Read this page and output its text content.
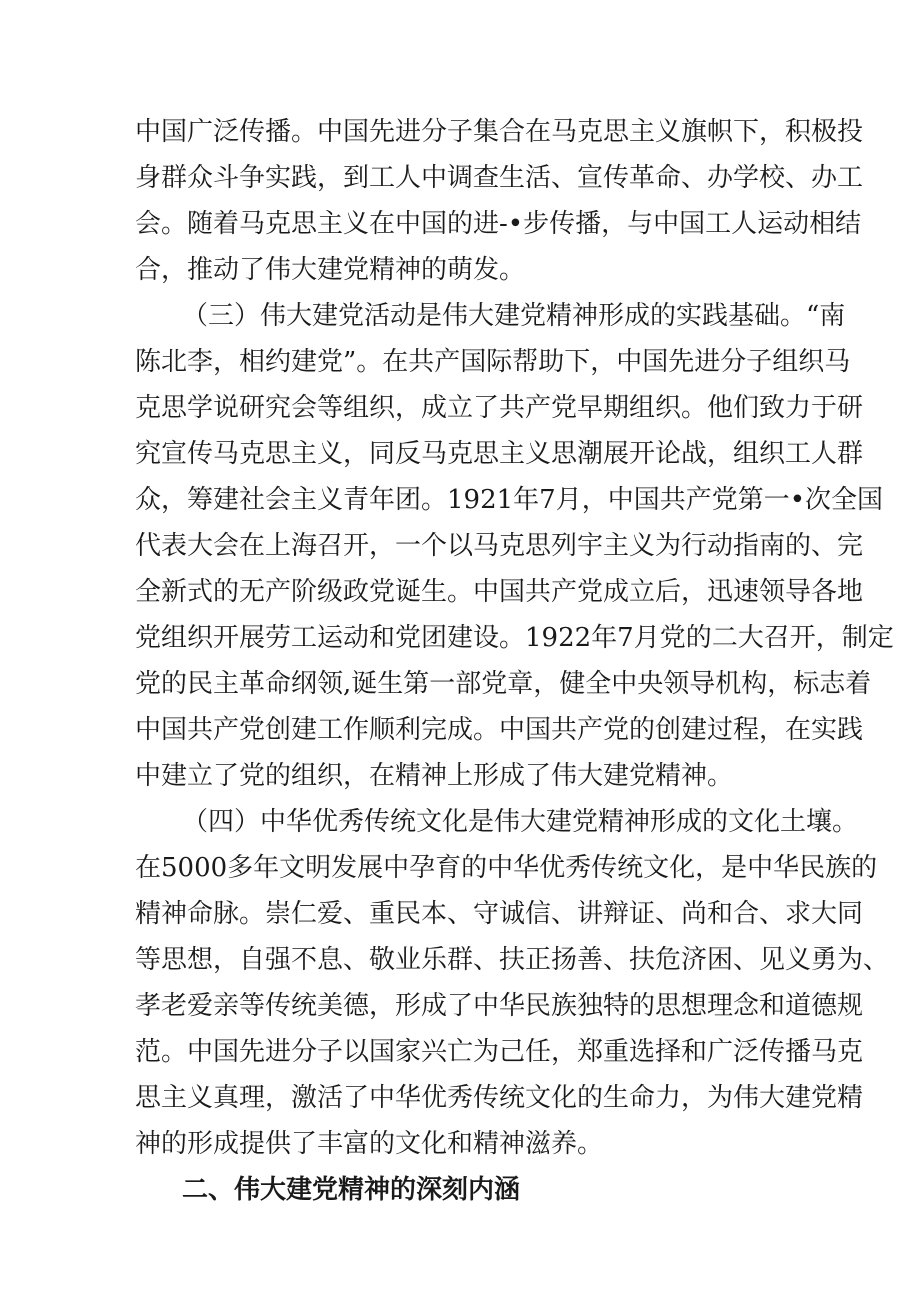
中国广泛传播。中国先进分子集合在马克思主义旗帜下，积极投
身群众斗争实践，到工人中调查生活、宣传革命、办学校、办工
会。随着马克思主义在中国的进-•步传播，与中国工人运动相结
合，推动了伟大建党精神的萌发。
（三）伟大建党活动是伟大建党精神形成的实践基础。“南
陈北李，相约建党”。在共产国际帮助下，中国先进分子组织马
克思学说研究会等组织，成立了共产党早期组织。他们致力于研
究宣传马克思主义，同反马克思主义思潮展开论战，组织工人群
众，筹建社会主义青年团。1921年7月，中国共产党第一•次全国
代表大会在上海召开，一个以马克思列宇主义为行动指南的、完
全新式的无产阶级政党诞生。中国共产党成立后，迅速领导各地
党组织开展劳工运动和党团建设。1922年7月党的二大召开，制定
党的民主革命纲领,诞生第一部党章，健全中央领导机构，标志着
中国共产党创建工作顺利完成。中国共产党的创建过程，在实践
中建立了党的组织，在精神上形成了伟大建党精神。
（四）中华优秀传统文化是伟大建党精神形成的文化土壤。
在5000多年文明发展中孕育的中华优秀传统文化，是中华民族的
精神命脉。崇仁爱、重民本、守诚信、讲辩证、尚和合、求大同
等思想，自强不息、敬业乐群、扶正扬善、扶危济困、见义勇为、
孝老爱亲等传统美德，形成了中华民族独特的思想理念和道德规
范。中国先进分子以国家兴亡为己任，郑重选择和广泛传播马克
思主义真理，激活了中华优秀传统文化的生命力，为伟大建党精
神的形成提供了丰富的文化和精神滋养。
二、伟大建党精神的深刻内涵
